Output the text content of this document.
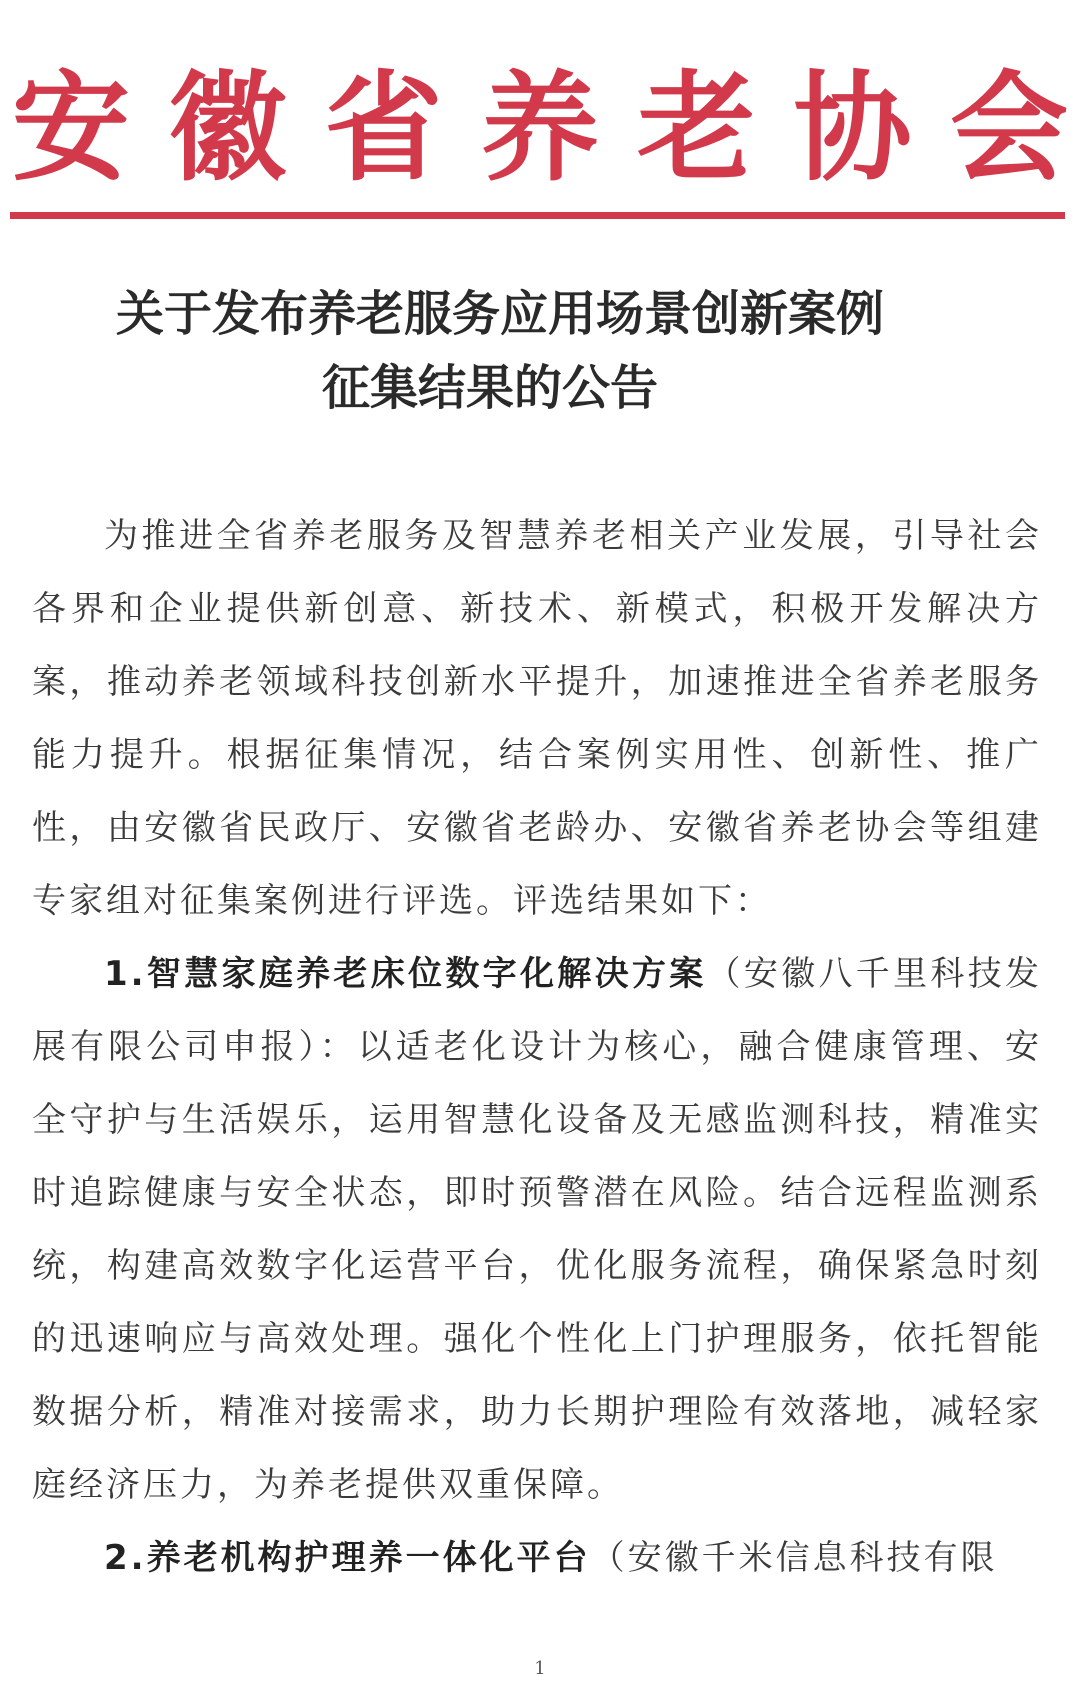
安 徽 省 养 老 协 会
关于发布养老服务应用场景创新案例
征集结果的公告

为推进全省养老服务及智慧养老相关产业发展，引导社会各界和企业提供新创意、新技术、新模式，积极开发解决方案，推动养老领域科技创新水平提升，加速推进全省养老服务能力提升。根据征集情况，结合案例实用性、创新性、推广性，由安徽省民政厅、安徽省老龄办、安徽省养老协会等组建专家组对征集案例进行评选。评选结果如下：

1.智慧家庭养老床位数字化解决方案（安徽八千里科技发展有限公司申报）：以适老化设计为核心，融合健康管理、安全守护与生活娱乐，运用智慧化设备及无感监测科技，精准实时追踪健康与安全状态，即时预警潜在风险。结合远程监测系统，构建高效数字化运营平台，优化服务流程，确保紧急时刻的迅速响应与高效处理。强化个性化上门护理服务，依托智能数据分析，精准对接需求，助力长期护理险有效落地，减轻家庭经济压力，为养老提供双重保障。

2.养老机构护理养一体化平台（安徽千米信息科技有限

1
